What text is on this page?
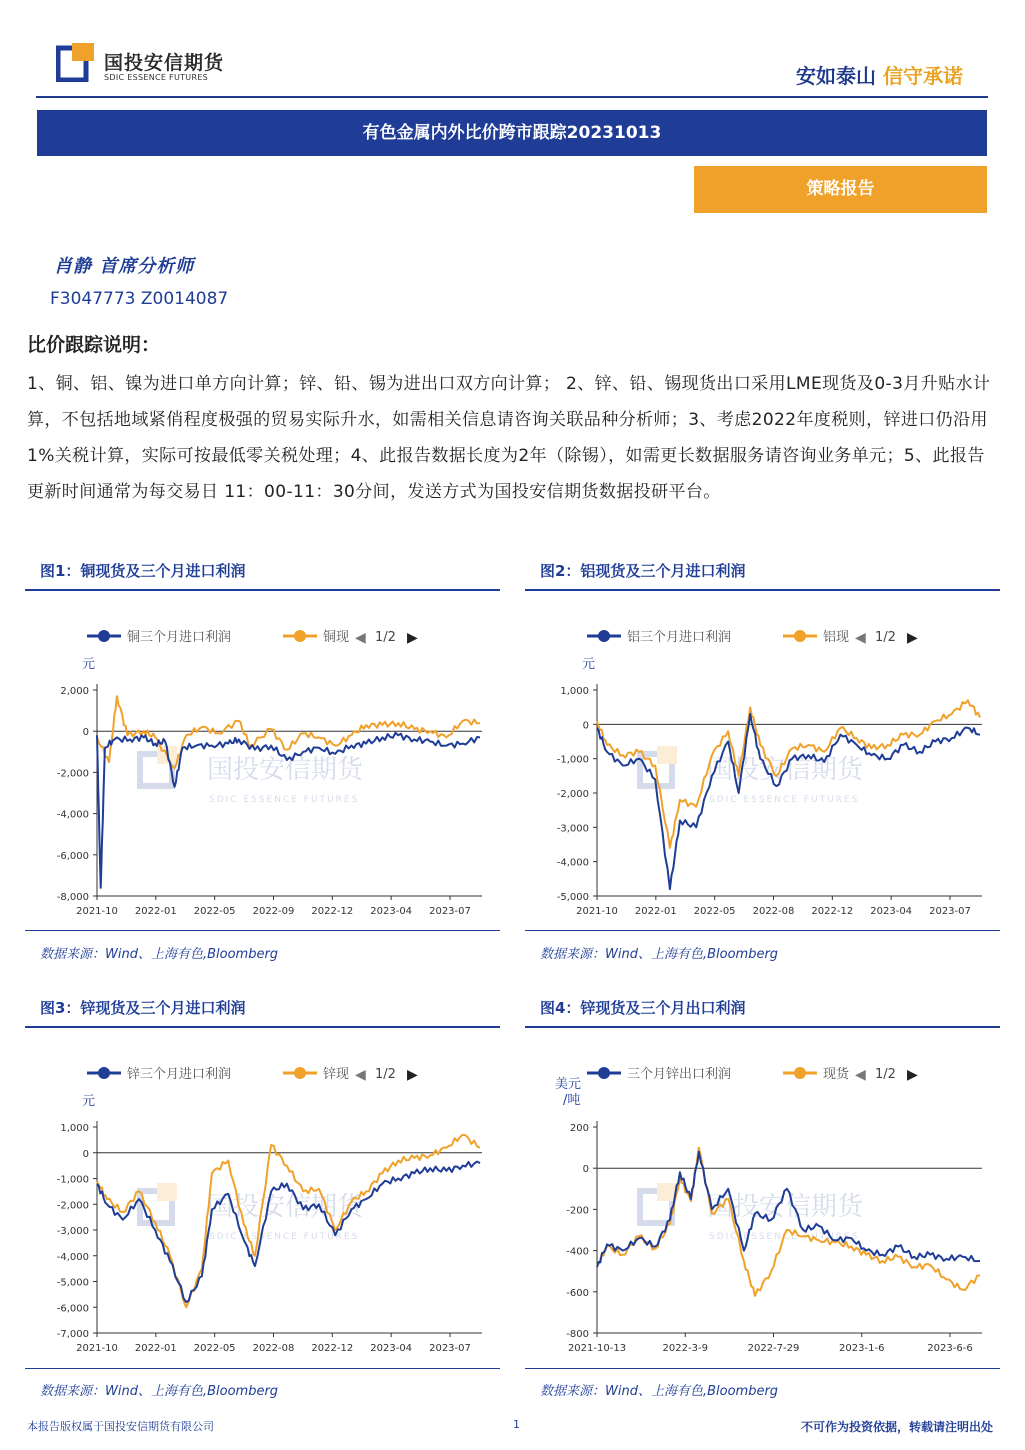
国投安信期货
SDIC ESSENCE FUTURES	安如泰山 信守承诺
有色金属内外比价跨市跟踪20231013
策略报告
肖静 首席分析师
F3047773 Z0014087
比价跟踪说明：
1、铜、铝、镍为进口单方向计算；锌、铅、锡为进出口双方向计算； 2、锌、铅、锡现货出口采用LME现货及0-3月升贴水计算，不包括地域紧俏程度极强的贸易实际升水，如需相关信息请咨询关联品种分析师；3、考虑2022年度税则，锌进口仍沿用1%关税计算，实际可按最低零关税处理；4、此报告数据长度为2年（除锡），如需更长数据服务请咨询业务单元；5、此报告更新时间通常为每交易日 11：00-11：30分间，发送方式为国投安信期货数据投研平台。
图1：铜现货及三个月进口利润	图2：铝现货及三个月进口利润
数据来源：Wind、上海有色,Bloomberg	数据来源：Wind、上海有色,Bloomberg
图3：锌现货及三个月进口利润	图4：锌现货及三个月出口利润
数据来源：Wind、上海有色,Bloomberg	数据来源：Wind、上海有色,Bloomberg
国投安信期货
SDIC ESSENCE FUTURES
铜三个月进口利润	铜现 ◀ 1/2 ▶
元
2,000
0
-2,000
-4,000
-6,000
-8,000
2021-10 2022-01 2022-05 2022-09 2022-12 2023-04 2023-07
国投安信期货
SDIC ESSENCE FUTURES
铝三个月进口利润	铝现 ◀ 1/2 ▶
元
1,000
0
-1,000
-2,000
-3,000
-4,000
-5,000
2021-10 2022-01 2022-05 2022-08 2022-12 2023-04 2023-07
国投安信期货
SDIC ESSENCE FUTURES
锌三个月进口利润	锌现 ◀ 1/2 ▶
元
1,000
0
-1,000
-2,000
-3,000
-4,000
-5,000
-6,000
-7,000
2021-10 2022-01 2022-05 2022-08 2022-12 2023-04 2023-07
国投安信期货
SDIC ESSENCE FUTURES
三个月锌出口利润	现货 ◀ 1/2 ▶
美元
/吨
200
0
-200
-400
-600
-800
2021-10-13	2022-3-9	2022-7-29	2023-1-6	2023-6-6
本报告版权属于国投安信期货有限公司	1	不可作为投资依据，转载请注明出处
